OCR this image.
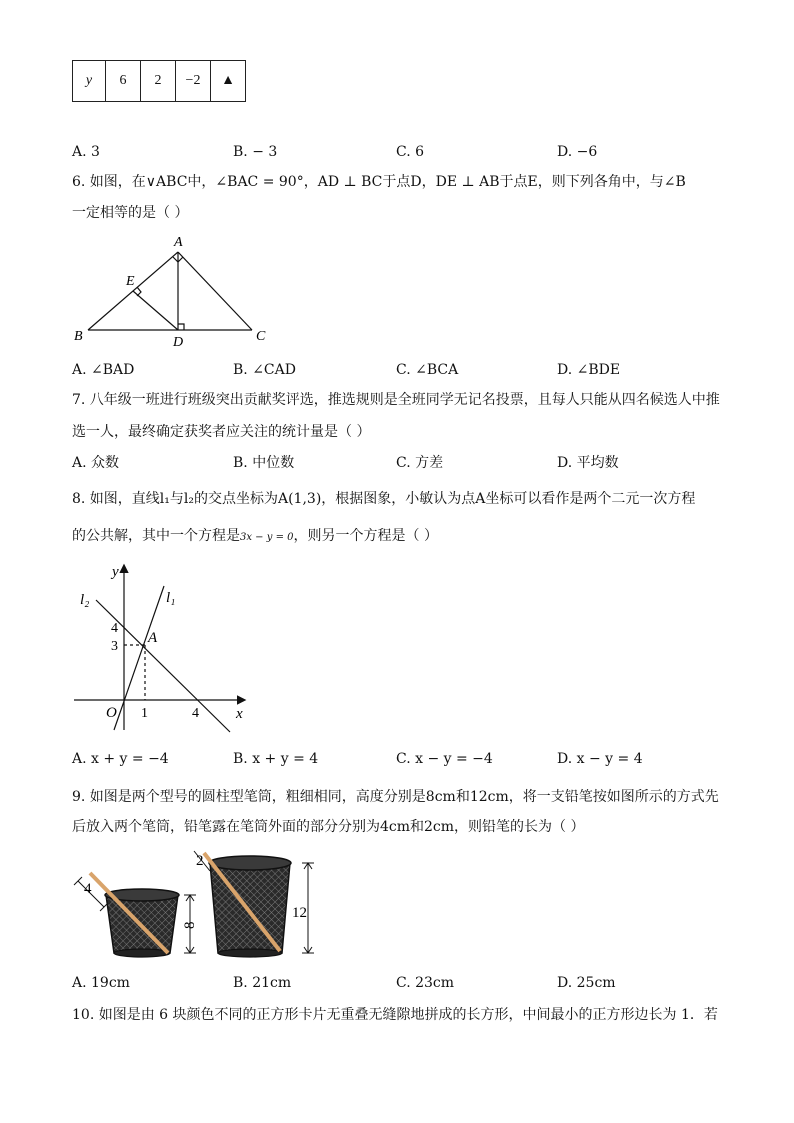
y	6	2	−2	▲
A. 3	B. − 3	C. 6	D. −6
6. 如图，在∨ABC中，∠BAC = 90°，AD ⊥ BC于点D，DE ⊥ AB于点E，则下列各角中，与∠B
一定相等的是（ ）
A
B	C
D
E
A. ∠BAD	B. ∠CAD	C. ∠BCA	D. ∠BDE
7. 八年级一班进行班级突出贡献奖评选，推选规则是全班同学无记名投票，且每人只能从四名候选人中推
选一人，最终确定获奖者应关注的统计量是（ ）
A. 众数	B. 中位数	C. 方差	D. 平均数
8. 如图，直线l₁与l₂的交点坐标为A(1,3)，根据图象，小敏认为点A坐标可以看作是两个二元一次方程
的公共解，其中一个方程是3x − y = 0，则另一个方程是（ ）
y
x
O
l₂	l₁
A
4
3
1	4
A. x + y = −4	B. x + y = 4	C. x − y = −4	D. x − y = 4
9. 如图是两个型号的圆柱型笔筒，粗细相同，高度分别是8cm和12cm，将一支铅笔按如图所示的方式先
后放入两个笔筒，铅笔露在笔筒外面的部分分别为4cm和2cm，则铅笔的长为（ ）
4
8
2
12
A. 19cm	B. 21cm	C. 23cm	D. 25cm
10. 如图是由 6 块颜色不同的正方形卡片无重叠无缝隙地拼成的长方形，中间最小的正方形边长为 1．若
